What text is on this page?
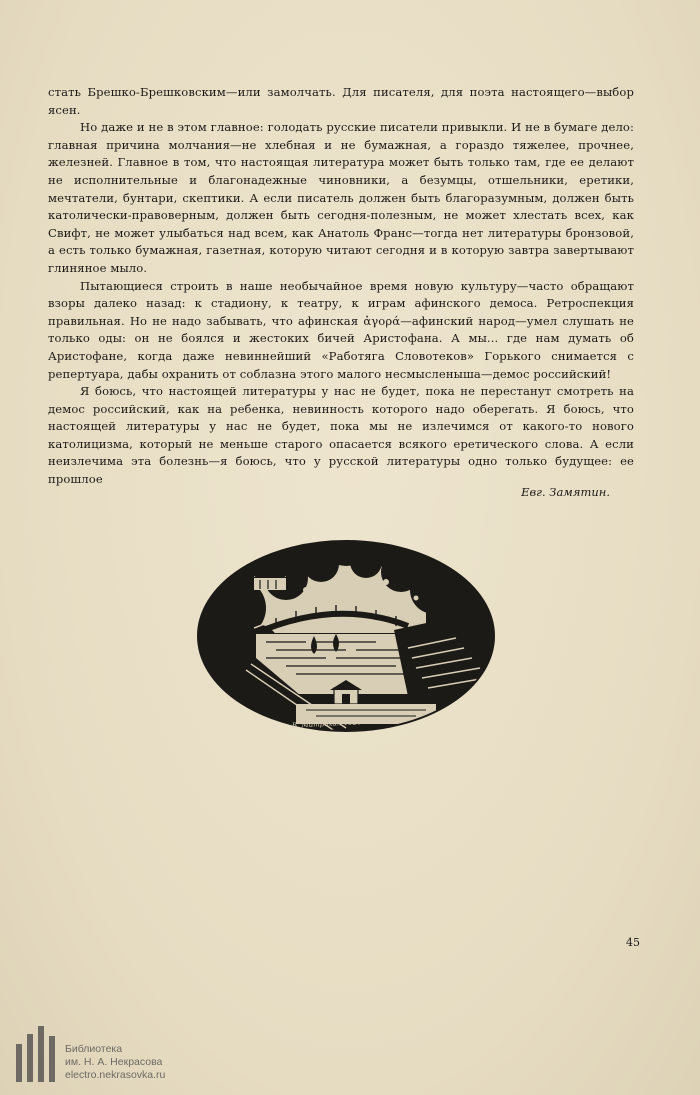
стать Брешко-Брешковским—или замолчать. Для писателя, для поэта настоящего—выбор ясен.

Но даже и не в этом главное: голодать русские писатели привыкли. И не в бумаге дело: главная причина молчания—не хлебная и не бумажная, а гораздо тяжелее, прочнее, железней. Главное в том, что настоящая литература может быть только там, где ее делают не исполнительные и благонадежные чиновники, а безумцы, отшельники, еретики, мечтатели, бунтари, скептики. А если писатель должен быть благоразумным, должен быть католически-правоверным, должен быть сегодня-полезным, не может хлестать всех, как Свифт, не может улыбаться над всем, как Анатоль Франс—тогда нет литературы бронзовой, а есть только бумажная, газетная, которую читают сегодня и в которую завтра завертывают глиняное мыло.

Пытающиеся строить в наше необычайное время новую культуру—часто обращают взоры далеко назад: к стадиону, к театру, к играм афинского демоса. Ретроспекция правильная. Но не надо забывать, что афинская ἀγορά—афинский народ—умел слушать не только оды: он не боялся и жестоких бичей Аристофана. А мы... где нам думать об Аристофане, когда даже невиннейший «Работяга Словотеков» Горького снимается с репертуара, дабы охранить от соблазна этого малого несмысленыша—демос российский!

Я боюсь, что настоящей литературы у нас не будет, пока не перестанут смотреть на демос российский, как на ребенка, невинность которого надо оберегать. Я боюсь, что настоящей литературы у нас не будет, пока мы не излечимся от какого-то нового католицизма, который не меньше старого опасается всякого еретического слова. А если неизлечима эта болезнь—я боюсь, что у русской литературы одно только будущее: ее прошлое

Евг. Замятин.
В. Митрохин 1920
45
Библиотека
им. Н. А. Некрасова
electro.nekrasovka.ru
